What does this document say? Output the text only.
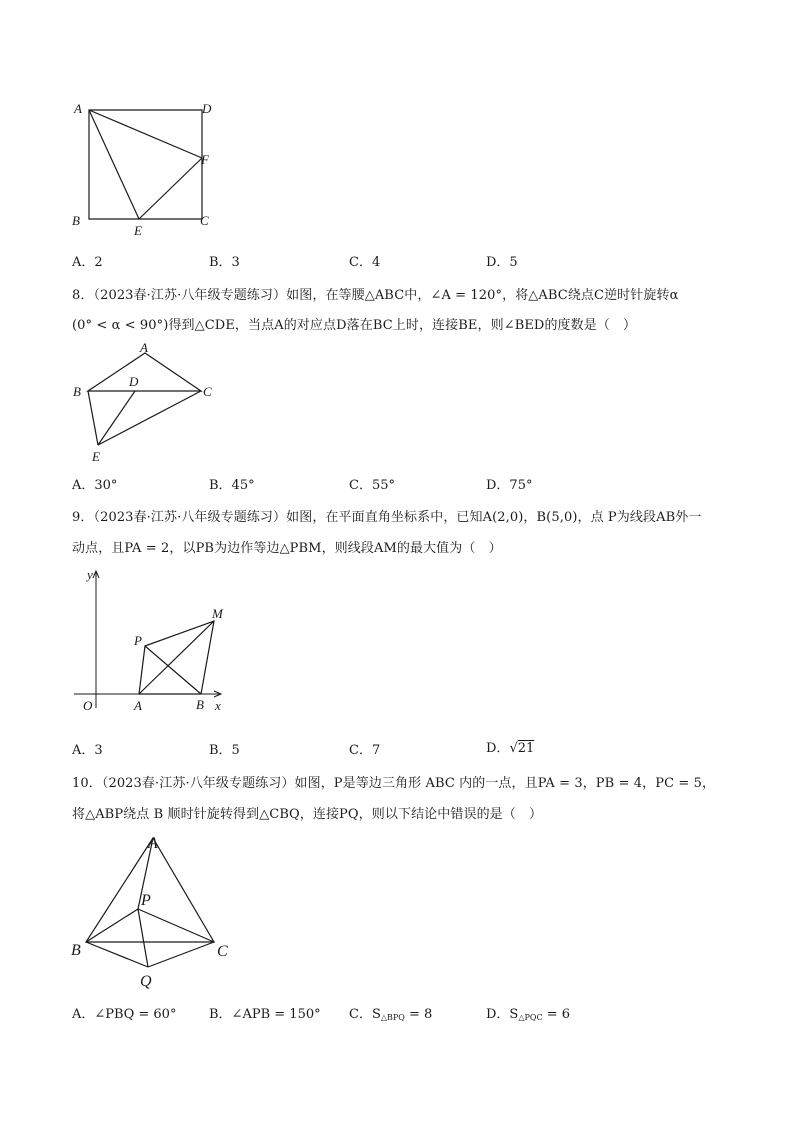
A	D
F
B	C
E
A．2	B．3	C．4	D．5
8．（2023春·江苏·八年级专题练习）如图，在等腰△ABC中，∠A = 120°，将△ABC绕点C逆时针旋转α
(0° < α < 90°)得到△CDE，当点A的对应点D落在BC上时，连接BE，则∠BED的度数是（　）
A
D
B	C
E
A．30°	B．45°	C．55°	D．75°
9．（2023春·江苏·八年级专题练习）如图，在平面直角坐标系中，已知A(2,0)，B(5,0)，点 P为线段AB外一
动点，且PA = 2，以PB为边作等边△PBM，则线段AM的最大值为（　）
y
x
O	A	B
P
M
A．3	B．5	C．7	D．√21
10．（2023春·江苏·八年级专题练习）如图，P是等边三角形 ABC 内的一点，且PA = 3，PB = 4，PC = 5，
将△ABP绕点 B 顺时针旋转得到△CBQ，连接PQ，则以下结论中错误的是（　）
A
P
B	C
Q
A．∠PBQ = 60°	B．∠APB = 150° C．$S_{\triangle BPQ} = 8$	D．$S_{\triangle PQC} = 6$
